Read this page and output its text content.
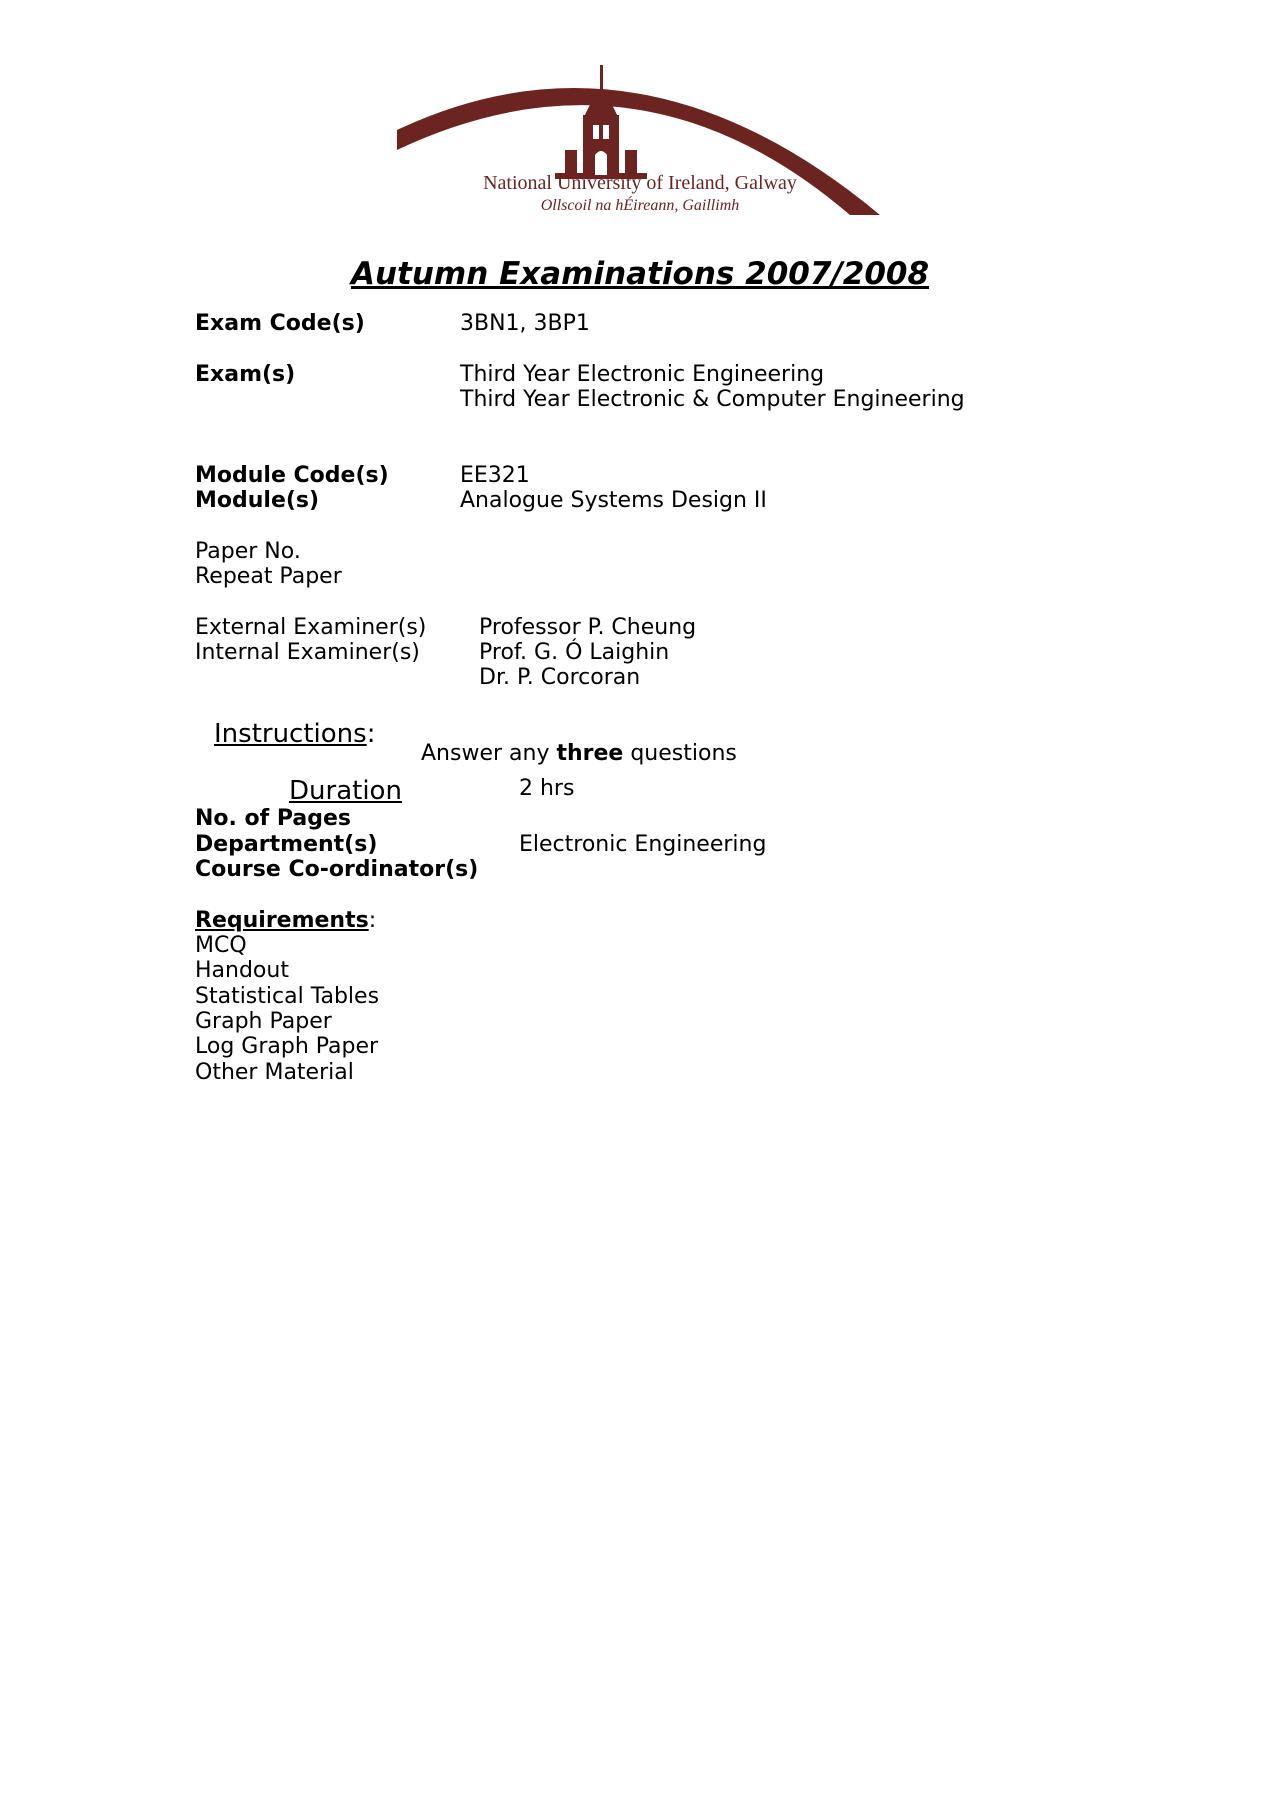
National University of Ireland, Galway
Ollscoil na hÉireann, Gaillimh
Autumn Examinations 2007/2008
Exam Code(s)	3BN1, 3BP1
Exam(s)	Third Year Electronic Engineering
Third Year Electronic & Computer Engineering
Module Code(s)	EE321
Module(s)	Analogue Systems Design II
Paper No.
Repeat Paper
External Examiner(s) Professor P. Cheung
Internal Examiner(s)	Prof. G. Ó Laighin
Dr. P. Corcoran
Instructions:
Answer any three questions
Duration	2 hrs
No. of Pages
Department(s)	Electronic Engineering
Course Co-ordinator(s)
Requirements:
MCQ
Handout
Statistical Tables
Graph Paper
Log Graph Paper
Other Material
